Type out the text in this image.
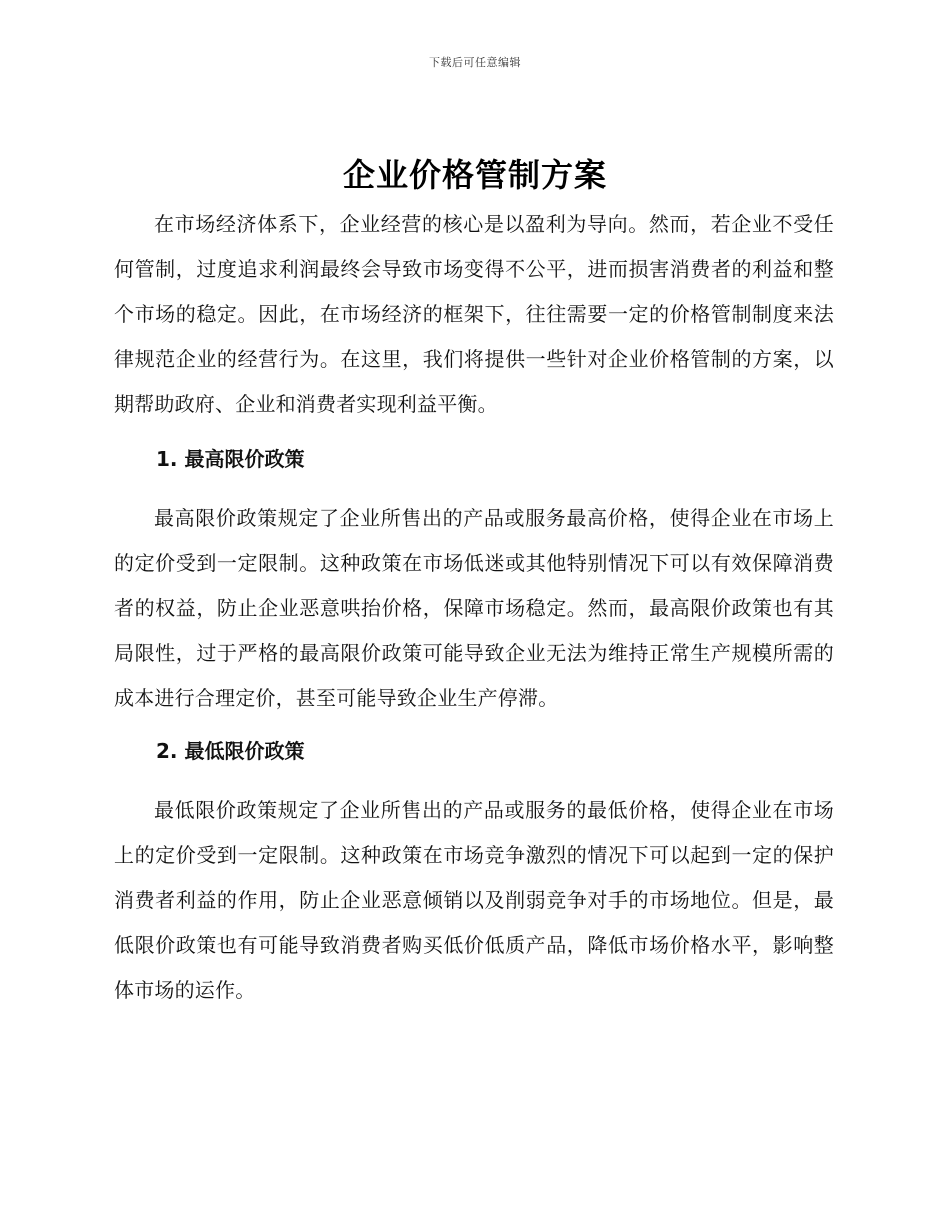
下载后可任意编辑
企业价格管制方案

在市场经济体系下，企业经营的核心是以盈利为导向。然而，若企业不受任何管制，过度追求利润最终会导致市场变得不公平，进而损害消费者的利益和整个市场的稳定。因此，在市场经济的框架下，往往需要一定的价格管制制度来法律规范企业的经营行为。在这里，我们将提供一些针对企业价格管制的方案，以期帮助政府、企业和消费者实现利益平衡。

1. 最高限价政策

最高限价政策规定了企业所售出的产品或服务最高价格，使得企业在市场上的定价受到一定限制。这种政策在市场低迷或其他特别情况下可以有效保障消费者的权益，防止企业恶意哄抬价格，保障市场稳定。然而，最高限价政策也有其局限性，过于严格的最高限价政策可能导致企业无法为维持正常生产规模所需的成本进行合理定价，甚至可能导致企业生产停滞。

2. 最低限价政策

最低限价政策规定了企业所售出的产品或服务的最低价格，使得企业在市场上的定价受到一定限制。这种政策在市场竞争激烈的情况下可以起到一定的保护消费者利益的作用，防止企业恶意倾销以及削弱竞争对手的市场地位。但是，最低限价政策也有可能导致消费者购买低价低质产品，降低市场价格水平，影响整体市场的运作。
